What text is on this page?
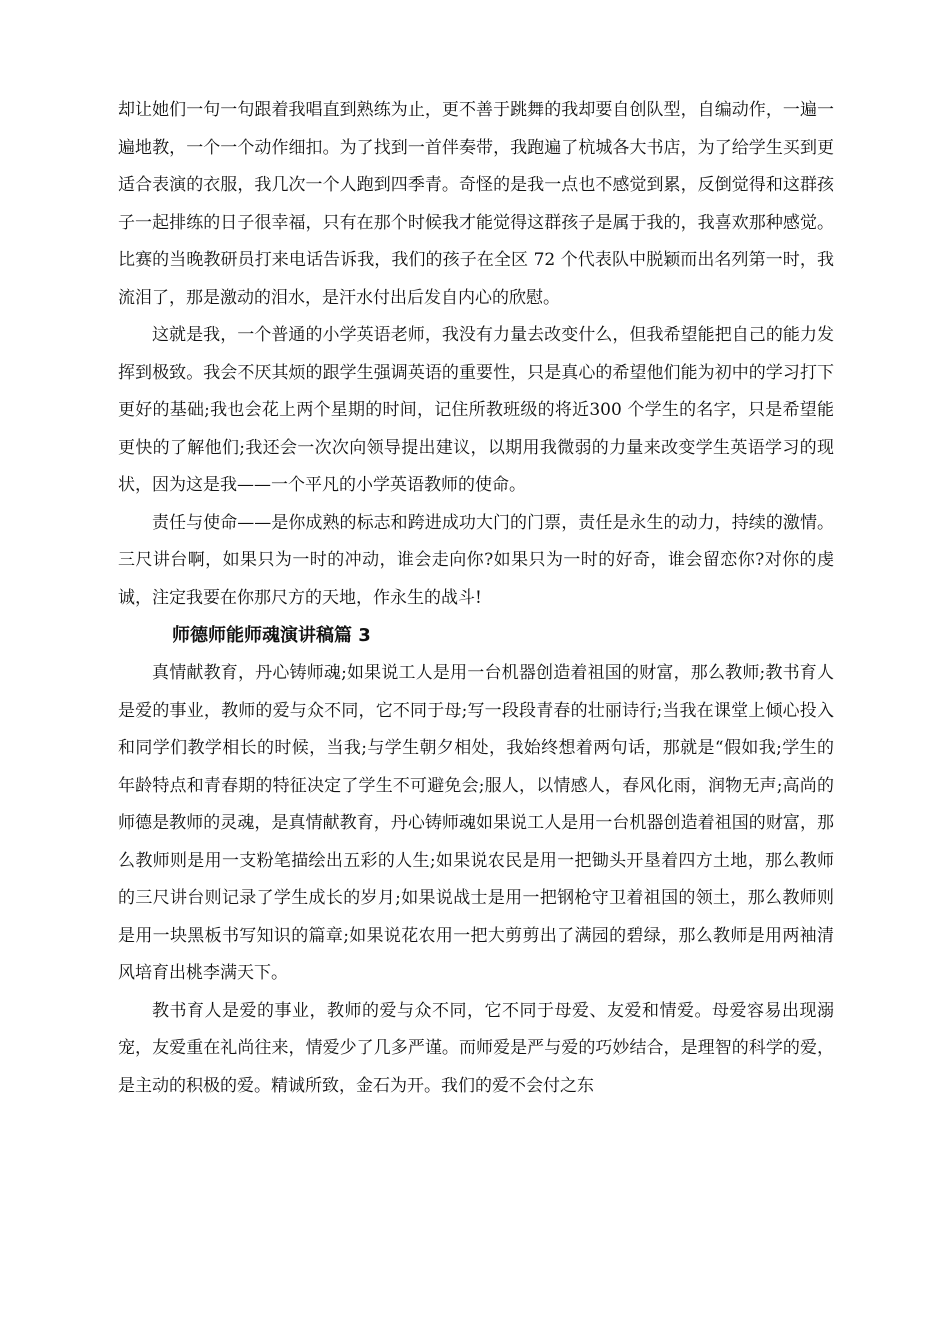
却让她们一句一句跟着我唱直到熟练为止，更不善于跳舞的我却要自创队型，自编动作，一遍一遍地教，一个一个动作细扣。为了找到一首伴奏带，我跑遍了杭城各大书店，为了给学生买到更适合表演的衣服，我几次一个人跑到四季青。奇怪的是我一点也不感觉到累，反倒觉得和这群孩子一起排练的日子很幸福，只有在那个时候我才能觉得这群孩子是属于我的，我喜欢那种感觉。比赛的当晚教研员打来电话告诉我，我们的孩子在全区 72 个代表队中脱颖而出名列第一时，我流泪了，那是激动的泪水，是汗水付出后发自内心的欣慰。

这就是我，一个普通的小学英语老师，我没有力量去改变什么，但我希望能把自己的能力发挥到极致。我会不厌其烦的跟学生强调英语的重要性，只是真心的希望他们能为初中的学习打下更好的基础;我也会花上两个星期的时间，记住所教班级的将近300 个学生的名字，只是希望能更快的了解他们;我还会一次次向领导提出建议，以期用我微弱的力量来改变学生英语学习的现状，因为这是我——一个平凡的小学英语教师的使命。

责任与使命——是你成熟的标志和跨进成功大门的门票，责任是永生的动力，持续的激情。三尺讲台啊，如果只为一时的冲动，谁会走向你?如果只为一时的好奇，谁会留恋你?对你的虔诚，注定我要在你那尺方的天地，作永生的战斗!

师德师能师魂演讲稿篇 3

真情献教育，丹心铸师魂;如果说工人是用一台机器创造着祖国的财富，那么教师;教书育人是爱的事业，教师的爱与众不同，它不同于母;写一段段青春的壮丽诗行;当我在课堂上倾心投入和同学们教学相长的时候，当我;与学生朝夕相处，我始终想着两句话，那就是“假如我;学生的年龄特点和青春期的特征决定了学生不可避免会;服人，以情感人，春风化雨，润物无声;高尚的师德是教师的灵魂，是真情献教育，丹心铸师魂如果说工人是用一台机器创造着祖国的财富，那么教师则是用一支粉笔描绘出五彩的人生;如果说农民是用一把锄头开垦着四方土地，那么教师的三尺讲台则记录了学生成长的岁月;如果说战士是用一把钢枪守卫着祖国的领土，那么教师则是用一块黑板书写知识的篇章;如果说花农用一把大剪剪出了满园的碧绿，那么教师是用两袖清风培育出桃李满天下。

教书育人是爱的事业，教师的爱与众不同，它不同于母爱、友爱和情爱。母爱容易出现溺宠，友爱重在礼尚往来，情爱少了几多严谨。而师爱是严与爱的巧妙结合，是理智的科学的爱，是主动的积极的爱。精诚所致，金石为开。我们的爱不会付之东
